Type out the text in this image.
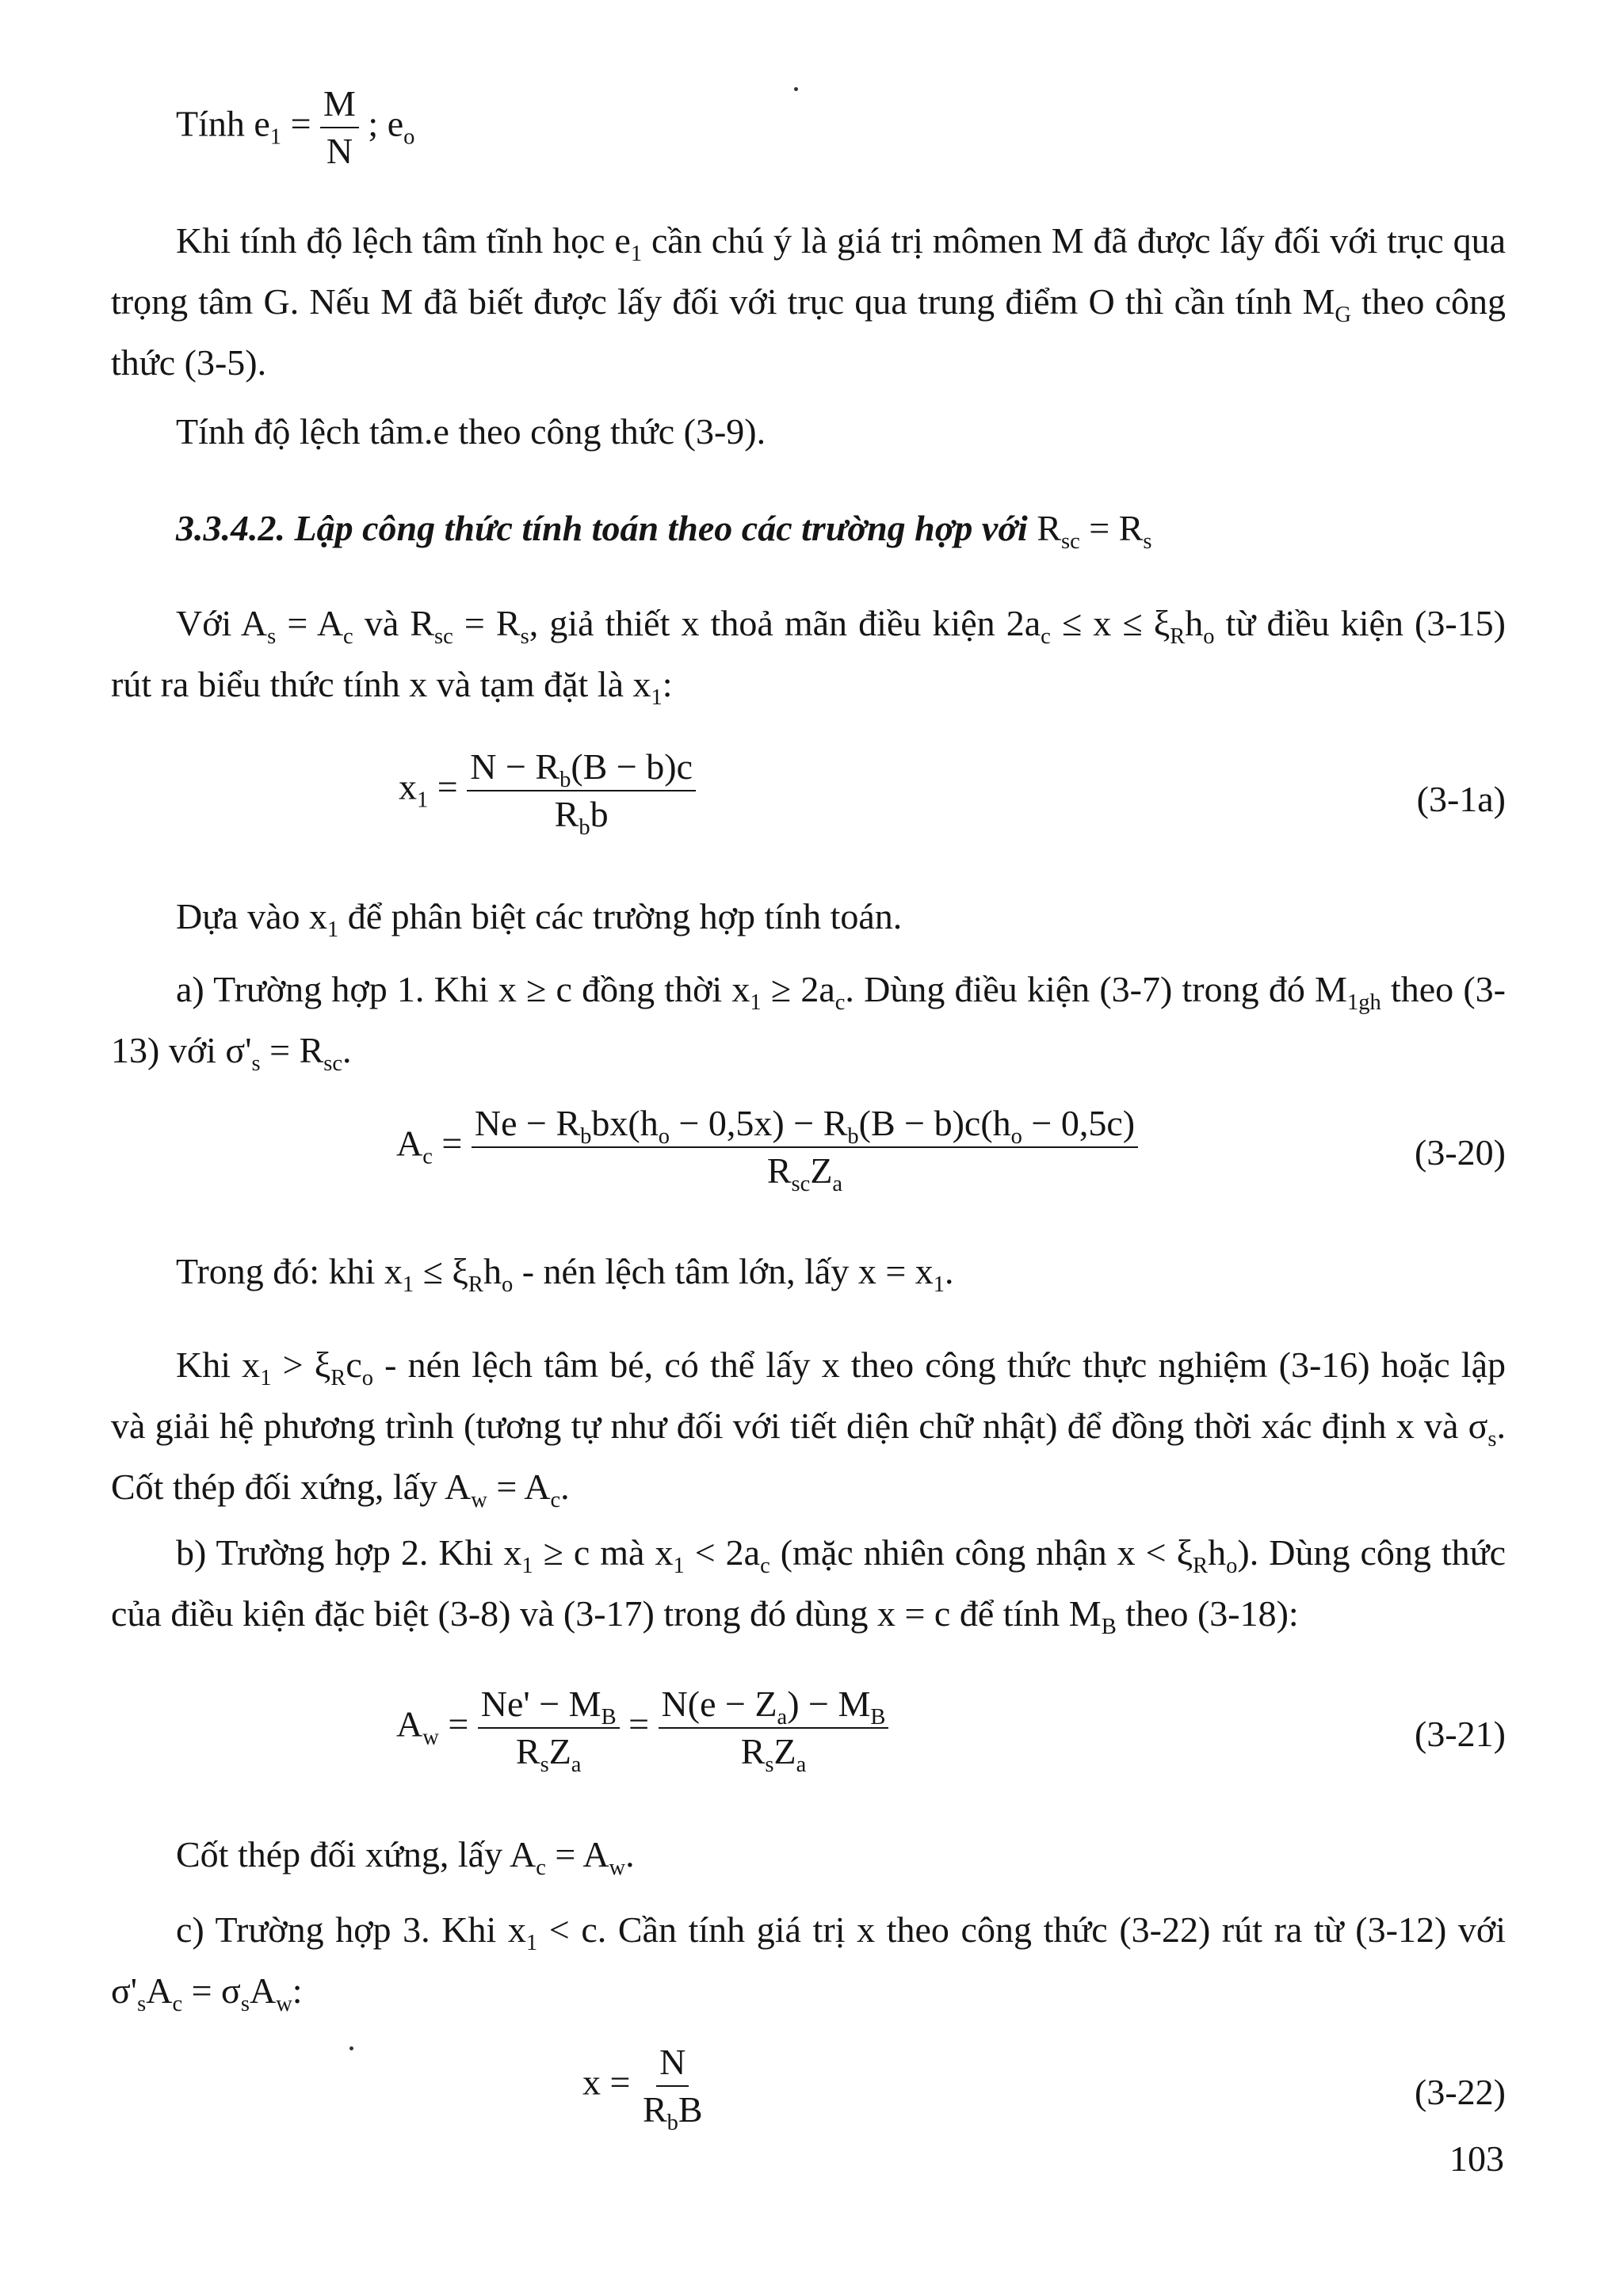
Tính $e_1 = \frac{M}{N}$ ; $e_o$
Khi tính độ lệch tâm tĩnh học $e_1$ cần chú ý là giá trị mômen M đã được lấy đối với trục qua trọng tâm G. Nếu M đã biết được lấy đối với trục qua trung điểm O thì cần tính $M_G$ theo công thức (3-5).
Tính độ lệch tâm.e theo công thức (3-9).
3.3.4.2. Lập công thức tính toán theo các trường hợp với $R_{sc} = R_s$
Với $A_s = A_c$ và $R_{sc} = R_s$, giả thiết x thoả mãn điều kiện $2a_c \le x \le \xi_Rh_o$ từ điều kiện (3-15) rút ra biểu thức tính x và tạm đặt là $x_1$:
$x_1 = \frac{N - R_b(B - b)c}{R_bb}$	(3-1a)
Dựa vào $x_1$ để phân biệt các trường hợp tính toán.
a) Trường hợp 1. Khi x ≥ c đồng thời $x_1 \ge 2a_c$. Dùng điều kiện (3-7) trong đó $M_{1gh}$ theo (3-13) với $\sigma'_s = R_{sc}$.
$A_c = \frac{Ne - R_bbx(h_o - 0,5x) - R_b(B - b)c(h_o - 0,5c)}{R_{sc}Z_a}$	(3-20)
Trong đó: khi $x_1 \le \xi_Rh_o$ - nén lệch tâm lớn, lấy $x = x_1$.
Khi $x_1 > \xi_Rc_o$ - nén lệch tâm bé, có thể lấy x theo công thức thực nghiệm (3-16) hoặc lập và giải hệ phương trình (tương tự như đối với tiết diện chữ nhật) để đồng thời xác định x và $\sigma_s$. Cốt thép đối xứng, lấy $A_w = A_c$.
b) Trường hợp 2. Khi $x_1 \ge c$ mà $x_1 < 2a_c$ (mặc nhiên công nhận $x < \xi_Rh_o$). Dùng công thức của điều kiện đặc biệt (3-8) và (3-17) trong đó dùng x = c để tính $M_B$ theo (3-18):
$A_w = \frac{Ne' - M_B}{R_sZ_a} = \frac{N(e - Z_a) - M_B}{R_sZ_a}$	(3-21)
Cốt thép đối xứng, lấy $A_c = A_w$.
c) Trường hợp 3. Khi $x_1 < c$. Cần tính giá trị x theo công thức (3-22) rút ra từ (3-12) với $\sigma'_sA_c = \sigma_sA_w$:
$x = \frac{N}{R_bB}$	(3-22)
103
